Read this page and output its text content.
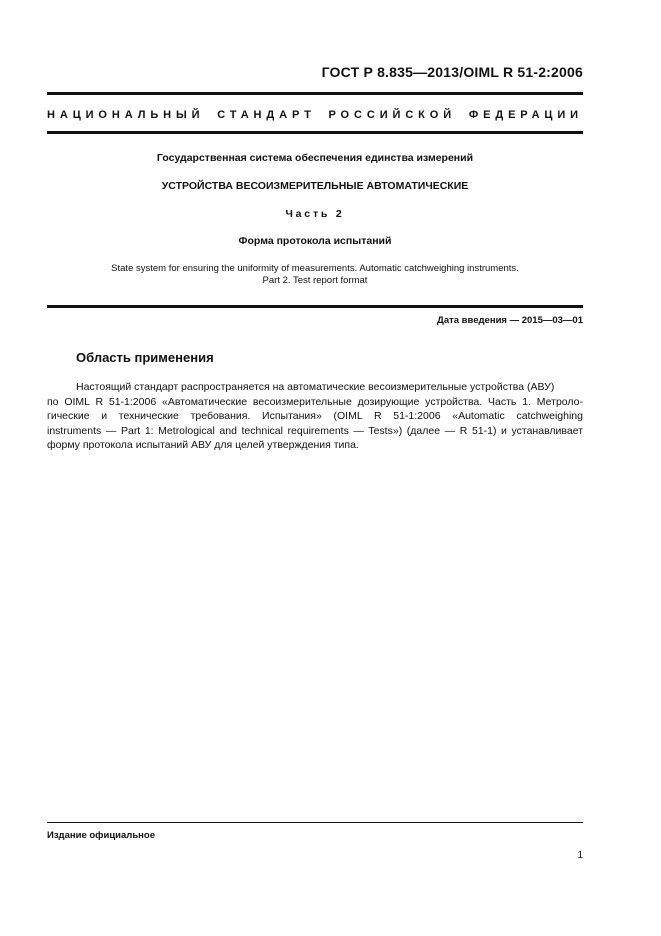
ГОСТ Р 8.835—2013/OIML R 51-2:2006
НАЦИОНАЛЬНЫЙ СТАНДАРТ РОССИЙСКОЙ ФЕДЕРАЦИИ
Государственная система обеспечения единства измерений
УСТРОЙСТВА ВЕСОИЗМЕРИТЕЛЬНЫЕ АВТОМАТИЧЕСКИЕ
Часть 2
Форма протокола испытаний
State system for ensuring the uniformity of measurements. Automatic catchweighing instruments.
Part 2. Test report format
Дата введения — 2015—03—01
Область применения
Настоящий стандарт распространяется на автоматические весоизмерительные устройства (АВУ)
по OIML R 51-1:2006 «Автоматические весоизмерительные дозирующие устройства. Часть 1. Метроло-
гические и технические требования. Испытания» (OIML R 51-1:2006 «Automatic catchweighing
instruments — Part 1: Metrological and technical requirements — Tests») (далее — R 51-1) и устанавливает
форму протокола испытаний АВУ для целей утверждения типа.
Издание официальное
1
